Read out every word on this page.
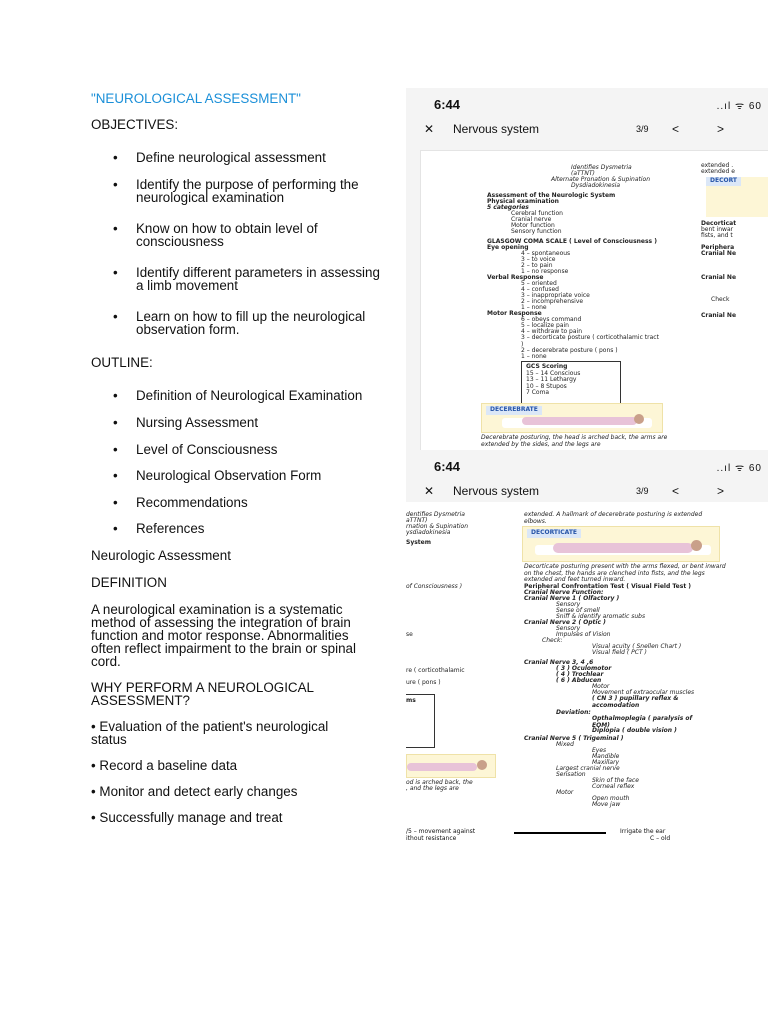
"NEUROLOGICAL ASSESSMENT"

OBJECTIVES:

• Define neurological assessment
• Identify the purpose of performing the neurological examination
• Know on how to obtain level of consciousness
• Identify different parameters in assessing a limb movement
• Learn on how to fill up the neurological observation form.

OUTLINE:

• Definition of Neurological Examination
• Nursing Assessment
• Level of Consciousness
• Neurological Observation Form
• Recommendations
• References

Neurologic Assessment

DEFINITION

A neurological examination is a systematic method of assessing the integration of brain function and motor response. Abnormalities often reflect impairment to the brain or spinal cord.

WHY PERFORM A NEUROLOGICAL ASSESSMENT?

• Evaluation of the patient's neurological status

• Record a baseline data

• Monitor and detect early changes

• Successfully manage and treat

6:44	..ıl ᯤ 60
✕ Nervous system	3/9 <	>
Identifies Dysmetria
(aTTNT)
Alternate Pronation & Supination
Dysdiadokinesia
Assessment of the Neurologic System
Physical examination
5 categories
Cerebral function
Cranial nerve
Motor function
Sensory function
GLASGOW COMA SCALE ( Level of Consciousness )
Eye opening
4 – spontaneous
3 – to voice
2 – to pain
1 – no response
Verbal Response
5 – oriented
4 – confused
3 – inappropriate voice
2 – incomprehensive
1 – none
Motor Response
6 – obeys command
5 – localize pain
4 – withdraw to pain
3 – decorticate posture ( corticothalamic tract )
2 – decerebrate posture ( pons )
1 – none
GCS Scoring
15 – 14 Conscious
13 – 11 Lethargy
10 – 8 Stupos
7 Coma
DECEREBRATE
Decerebrate posturing, the head is arched back, the arms are extended by the sides, and the legs are
extended .
extended e
DECORT
Decorticat
bent inwar
fists, and t
Periphera
Cranial Ne
Cranial Ne
Check
Cranial Ne
6:44	..ıl ᯤ 60
✕ Nervous system	3/9 <	>
dentifies Dysmetria
aTTNT)
rnation & Supination
ysdiadokinesia
System
of Consciousness )
se
re ( corticothalamic
ure ( pons )
ms
od is arched back, the
, and the legs are
extended. A hallmark of decerebrate posturing is extended elbows.
DECORTICATE
Decorticate posturing present with the arms flexed, or bent inward on the chest, the hands are clenched into fists, and the legs extended and feet turned inward.
Peripheral Confrontation Test ( Visual Field Test )
Cranial Nerve Function:
Cranial Nerve 1 ( Olfactory )
Sensory
Sense of smell
Sniff & identify aromatic subs
Cranial Nerve 2 ( Optic )
Sensory
Impulses of Vision
Check:
Visual acuity ( Snellen Chart )
Visual field ( PCT )
Cranial Nerve 3, 4 ,6
( 3 ) Oculomotor
( 4 ) Trochlear
( 6 ) Abducen
Motor
Movement of extraocular muscles
( CN 3 ) pupillary reflex & accomodation
Deviation:
Opthalmoplegia ( paralysis of EOM)
Diplopia ( double vision )
Cranial Nerve 5 ( Trigeminal )
Mixed
Eyes
Mandible
Maxillary
Largest cranial nerve
Sensation
Skin of the face
Corneal reflex
Motor
Open mouth
Move jaw
/5 – movement against
ithout resistance
Irrigate the ear
C – old
